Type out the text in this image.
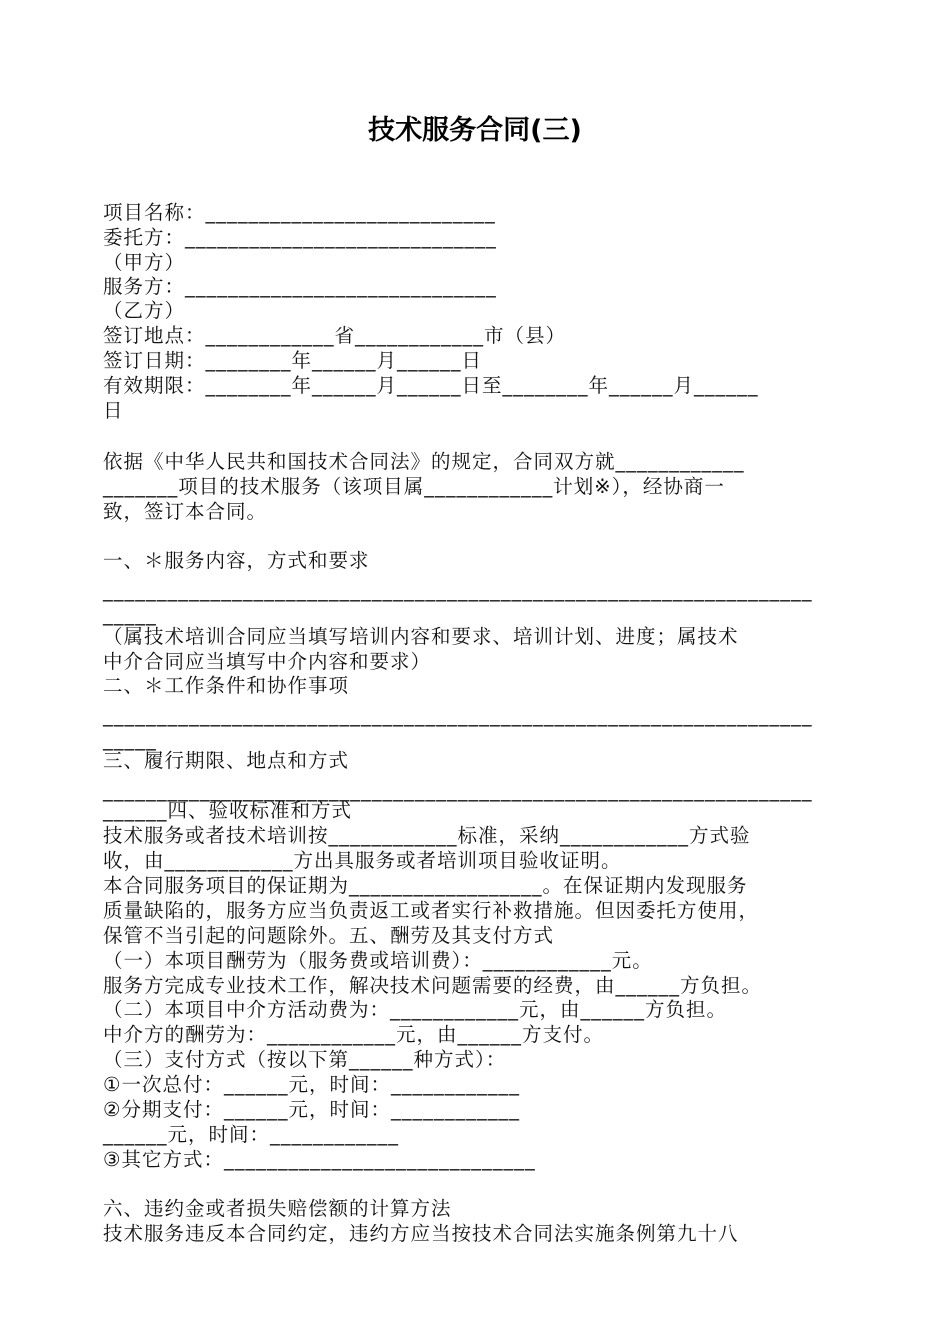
技术服务合同(三)
项目名称：___________________________
委托方：_____________________________
（甲方）
服务方：_____________________________
（乙方）
签订地点：____________省____________市（县）
签订日期：________年______月______日
有效期限：________年______月______日至________年______月______
日
依据《中华人民共和国技术合同法》的规定，合同双方就____________
_______项目的技术服务（该项目属____________计划※），经协商一
致，签订本合同。
一、＊服务内容，方式和要求
__________________________________________________________________
_____
（属技术培训合同应当填写培训内容和要求、培训计划、进度；属技术
中介合同应当填写中介内容和要求）
二、＊工作条件和协作事项
__________________________________________________________________
_____
三、履行期限、地点和方式
__________________________________________________________________
______四、验收标准和方式
技术服务或者技术培训按____________标准，采纳____________方式验
收，由____________方出具服务或者培训项目验收证明。
本合同服务项目的保证期为__________________。在保证期内发现服务
质量缺陷的，服务方应当负责返工或者实行补救措施。但因委托方使用，
保管不当引起的问题除外。五、酬劳及其支付方式
（一）本项目酬劳为（服务费或培训费）：____________元。
服务方完成专业技术工作，解决技术问题需要的经费，由______方负担。
（二）本项目中介方活动费为：____________元，由______方负担。
中介方的酬劳为：____________元，由______方支付。
（三）支付方式（按以下第______种方式）：
①一次总付：______元，时间：____________
②分期支付：______元，时间：____________
______元，时间：____________
③其它方式：_____________________________
六、违约金或者损失赔偿额的计算方法
技术服务违反本合同约定，违约方应当按技术合同法实施条例第九十八
